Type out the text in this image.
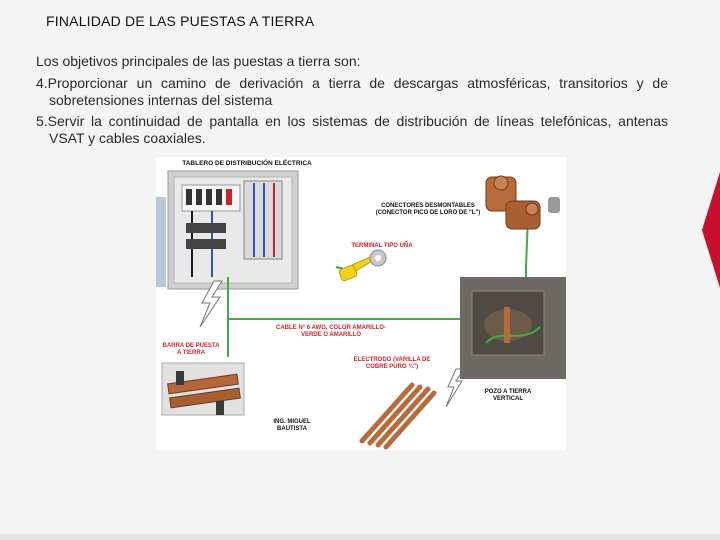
FINALIDAD DE LAS PUESTAS A TIERRA

Los objetivos principales de las puestas a tierra son:

4.Proporcionar un camino de derivación a tierra de descargas atmosféricas, transitorios y de sobretensiones internas del sistema

5.Servir la continuidad de pantalla en los sistemas de distribución de líneas telefónicas, antenas VSAT y cables coaxiales.

TABLERO DE DISTRIBUCIÓN ELÉCTRICA
CONECTORES DESMONTABLES (CONECTOR PICO DE LORO DE "L")
TERMINAL TIPO UÑA
CABLE N° 6 AWG, COLOR AMARILLO-VERDE O AMARILLO
BARRA DE PUESTA A TIERRA
ELECTRODO (VARILLA DE COBRE PURO ¾")
POZO A TIERRA VERTICAL
ING. MIGUEL BAUTISTA
